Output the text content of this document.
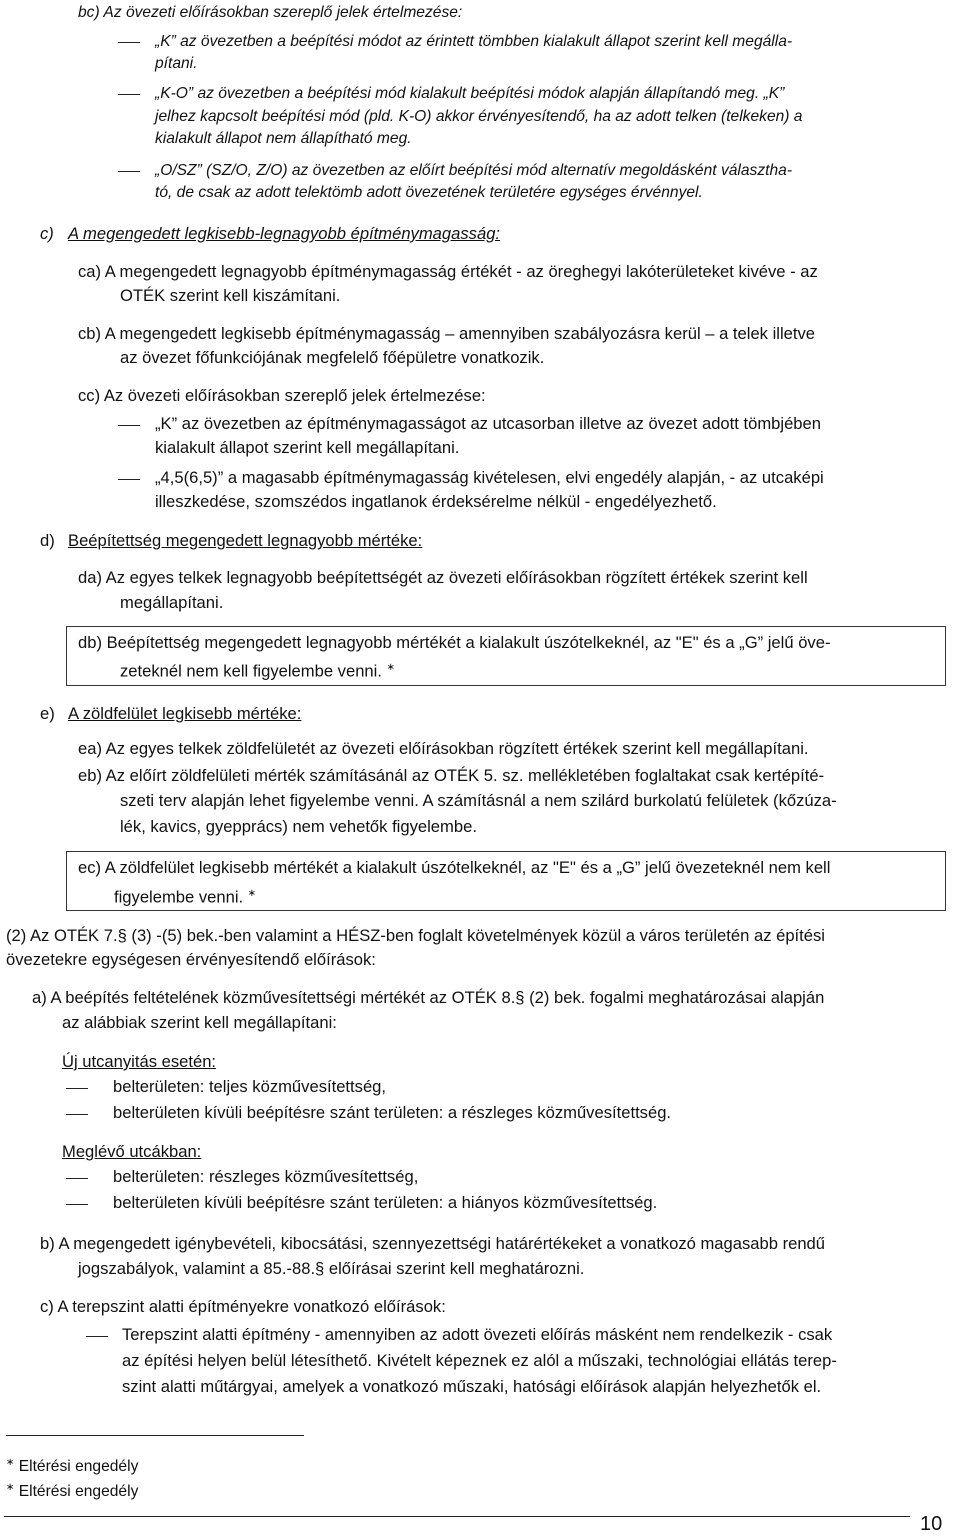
bc) Az övezeti előírásokban szereplő jelek értelmezése:
„K” az övezetben a beépítési módot az érintett tömbben kialakult állapot szerint kell megálla-
pítani.
„K-O” az övezetben a beépítési mód kialakult beépítési módok alapján állapítandó meg. „K”
jelhez kapcsolt beépítési mód (pld. K-O) akkor érvényesítendő, ha az adott telken (telkeken) a
kialakult állapot nem állapítható meg.
„O/SZ” (SZ/O, Z/O) az övezetben az előírt beépítési mód alternatív megoldásként választha-
tó, de csak az adott telektömb adott övezetének területére egységes érvénnyel.
c) A megengedett legkisebb-legnagyobb építménymagasság:
ca) A megengedett legnagyobb építménymagasság értékét - az öreghegyi lakóterületeket kivéve - az
OTÉK szerint kell kiszámítani.
cb) A megengedett legkisebb építménymagasság – amennyiben szabályozásra kerül – a telek illetve
az övezet főfunkciójának megfelelő főépületre vonatkozik.
cc) Az övezeti előírásokban szereplő jelek értelmezése:
„K” az övezetben az építménymagasságot az utcasorban illetve az övezet adott tömbjében
kialakult állapot szerint kell megállapítani.
„4,5(6,5)” a magasabb építménymagasság kivételesen, elvi engedély alapján, - az utcaképi
illeszkedése, szomszédos ingatlanok érdeksérelme nélkül - engedélyezhető.
d) Beépítettség megengedett legnagyobb mértéke:
da) Az egyes telkek legnagyobb beépítettségét az övezeti előírásokban rögzített értékek szerint kell
megállapítani.
db) Beépítettség megengedett legnagyobb mértékét a kialakult úszótelkeknél, az "E" és a „G” jelű öve-
zeteknél nem kell figyelembe venni. ∗
e) A zöldfelület legkisebb mértéke:
ea) Az egyes telkek zöldfelületét az övezeti előírásokban rögzített értékek szerint kell megállapítani.
eb) Az előírt zöldfelületi mérték számításánál az OTÉK 5. sz. mellékletében foglaltakat csak kertépíté-
szeti terv alapján lehet figyelembe venni. A számításnál a nem szilárd burkolatú felületek (kőzúza-
lék, kavics, gyepprács) nem vehetők figyelembe.
ec) A zöldfelület legkisebb mértékét a kialakult úszótelkeknél, az "E" és a „G” jelű övezeteknél nem kell
figyelembe venni. ∗
(2) Az OTÉK 7.§ (3) -(5) bek.-ben valamint a HÉSZ-ben foglalt követelmények közül a város területén az építési
övezetekre egységesen érvényesítendő előírások:
a) A beépítés feltételének közművesítettségi mértékét az OTÉK 8.§ (2) bek. fogalmi meghatározásai alapján
az alábbiak szerint kell megállapítani:
Új utcanyitás esetén:
belterületen: teljes közművesítettség,
belterületen kívüli beépítésre szánt területen: a részleges közművesítettség.
Meglévő utcákban:
belterületen: részleges közművesítettség,
belterületen kívüli beépítésre szánt területen: a hiányos közművesítettség.
b) A megengedett igénybevételi, kibocsátási, szennyezettségi határértékeket a vonatkozó magasabb rendű
jogszabályok, valamint a 85.-88.§ előírásai szerint kell meghatározni.
c) A terepszint alatti építményekre vonatkozó előírások:
Terepszint alatti építmény - amennyiben az adott övezeti előírás másként nem rendelkezik - csak
az építési helyen belül létesíthető. Kivételt képeznek ez alól a műszaki, technológiai ellátás terep-
szint alatti műtárgyai, amelyek a vonatkozó műszaki, hatósági előírások alapján helyezhetők el.
∗ Eltérési engedély
∗ Eltérési engedély
10
